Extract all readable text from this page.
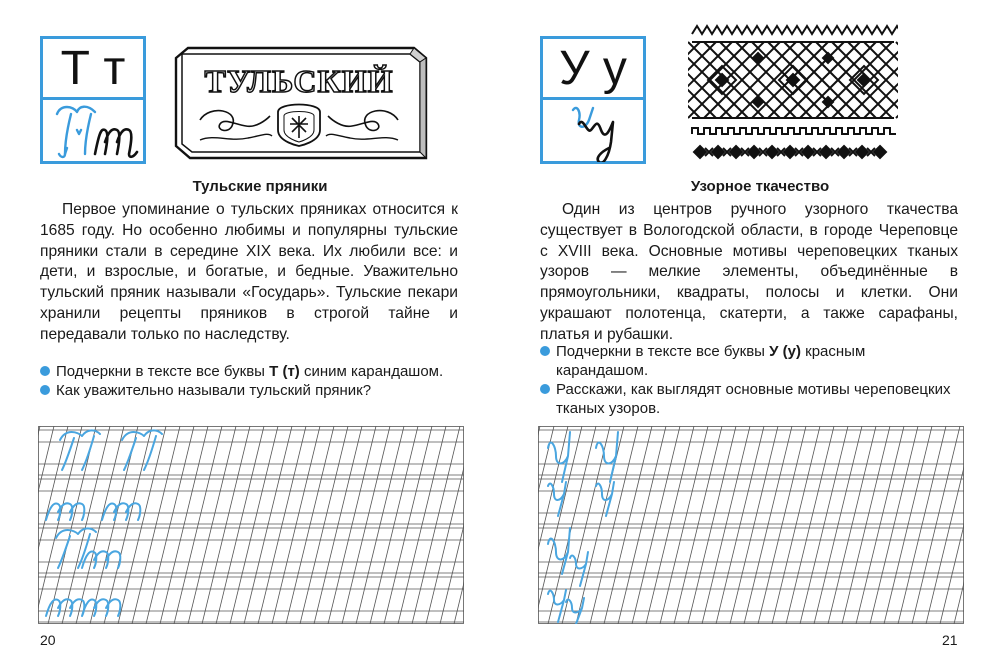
Т т	ТУЛЬСКИЙ
Тульские пряники

Первое упоминание о тульских пряниках относится к 1685 году. Но особенно любимы и популярны тульские пряники стали в середине XIX века. Их любили все: и дети, и взрослые, и богатые, и бедные. Уважительно тульский пряник называли «Государь». Тульские пекари хранили рецепты пряников в строгой тайне и передавали только по наследству.

Подчеркни в тексте все буквы Т (т) синим карандашом.
Как уважительно называли тульский пряник?
20
У у
Узорное ткачество

Один из центров ручного узорного ткачества существует в Вологодской области, в городе Череповце с XVIII века. Основные мотивы череповецких тканых узоров — мелкие элементы, объединённые в прямоугольники, квадраты, полосы и клетки. Они украшают полотенца, скатерти, а также сарафаны, платья и рубашки.

Подчеркни в тексте все буквы У (у) красным карандашом.
Расскажи, как выглядят основные мотивы череповецких тканых узоров.
21
